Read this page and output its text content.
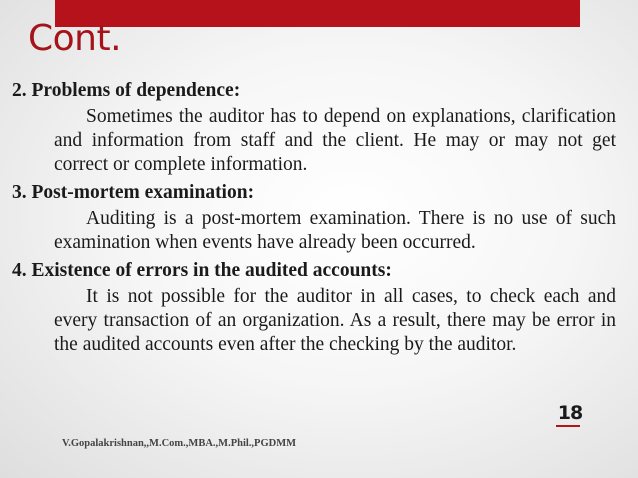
Cont.

2. Problems of dependence:

Sometimes the auditor has to depend on explanations, clarification and information from staff and the client. He may or may not get correct or complete information.

3. Post-mortem examination:

Auditing is a post-mortem examination. There is no use of such examination when events have already been occurred.

4. Existence of errors in the audited accounts:

It is not possible for the auditor in all cases, to check each and every transaction of an organization. As a result, there may be error in the audited accounts even after the checking by the auditor.

18
V.Gopalakrishnan,,M.Com.,MBA.,M.Phil.,PGDMM
